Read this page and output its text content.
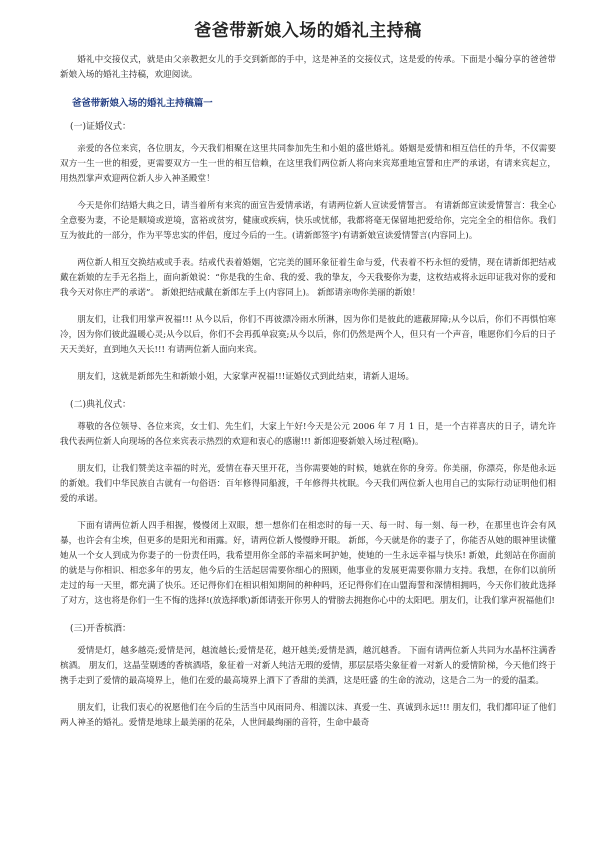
爸爸带新娘入场的婚礼主持稿

婚礼中交接仪式，就是由父亲教把女儿的手交到新郎的手中，这是神圣的交接仪式，这是爱的传承。下面是小编分享的爸爸带新娘入场的婚礼主持稿，欢迎阅读。

爸爸带新娘入场的婚礼主持稿篇一
(一)证婚仪式：

亲爱的各位来宾，各位朋友，今天我们相聚在这里共同参加先生和小姐的盛世婚礼。婚姻是爱情和相互信任的升华，不仅需要双方一生一世的相爱，更需要双方一生一世的相互信赖，在这里我们两位新人将向来宾郑重地宣誓和庄严的承诺，有请来宾起立，用热烈掌声欢迎两位新人步入神圣殿堂！

今天是你们结婚大典之日，请当着所有来宾的面宣告爱情承诺，有请两位新人宣读爱情誓言。 有请新郎宣读爱情誓言：我全心全意娶为妻，不论是顺境或逆境，富裕或贫穷，健康或疾病，快乐或忧郁，我都将毫无保留地把爱给你，完完全全的相信你。我们互为彼此的一部分，作为平等忠实的伴侣，度过今后的一生。(请新郎签字)有请新娘宣读爱情誓言(内容同上)。

两位新人相互交换结戒或手表。结戒代表着婚姻，它完美的圆环象征着生命与爱，代表着不朽永恒的爱情，现在请新郎把结戒戴在新娘的左手无名指上，面向新娘说：“你是我的生命、我的爱、我的挚友，今天我娶你为妻，这枚结戒将永远印证我对你的爱和我今天对你庄严的承诺”。 新娘把结戒戴在新郎左手上(内容同上)。 新郎请亲吻你美丽的新娘！

朋友们，让我们用掌声祝福!!! 从今以后，你们不再彼漂冷雨水所淋，因为你们是彼此的遮蔽屏障;从今以后，你们不再惧怕寒冷，因为你们彼此温暖心灵;从今以后，你们不会再孤单寂寞;从今以后，你们仍然是两个人，但只有一个声音，唯愿你们今后的日子天天美好，直到地久天长!!! 有请两位新人面向来宾。

朋友们，这就是新郎先生和新娘小姐，大家掌声祝福!!!证婚仪式到此结束，请新人退场。

(二)典礼仪式：

尊敬的各位领导、各位来宾，女士们、先生们，大家上午好!今天是公元 2006 年 7 月 1 日，是一个吉祥喜庆的日子，请允许我代表两位新人向现场的各位来宾表示热烈的欢迎和衷心的感谢!!! 新郎迎娶新娘入场过程(略)。

朋友们，让我们赞美这幸福的时光，爱情在春天里开花，当你需要她的时候，她就在你的身旁。你美丽，你漂亮，你是他永远的新娘。我们中华民族自古就有一句俗语：百年修得同船渡，千年修得共枕眠。今天我们两位新人也用自己的实际行动证明他们相爱的承诺。

下面有请两位新人四手相握，慢慢闭上双眼，想一想你们在相恋时的每一天、每一时、每一刻、每一秒，在那里也许会有风暴，也许会有尘埃，但更多的是阳光和雨露。好，请两位新人慢慢睁开眼。 新郎，今天就是你的妻子了，你能否从她的眼神里读懂她从一个女人到成为你妻子的一份责任吗，我希望用你全部的幸福来呵护她，使她的一生永远幸福与快乐! 新娘，此刻站在你面前的就是与你相识、相恋多年的男友，他今后的生活起居需要你细心的照顾，他事业的发展更需要你鼎力支持。我想，在你们以前所走过的每一天里，都充满了快乐。还记得你们在相识相知期间的种种吗，还记得你们在山盟海誓和深情相拥吗，今天你们彼此选择了对方，这也将是你们一生不悔的选择!(放选择歌)新郎请张开你男人的臂膀去拥抱你心中的太阳吧。朋友们，让我们掌声祝福他们!

(三)开香槟酒：

爱情是灯，越多越亮;爱情是河，越流越长;爱情是花，越开越美;爱情是酒，越沉越香。 下面有请两位新人共同为水晶杯注满香槟酒。 朋友们，这晶莹剔透的香槟酒塔，象征着一对新人纯洁无瑕的爱情，那层层塔尖象征着一对新人的爱情阶梯，今天他们终于携手走到了爱情的最高境界上，他们在爱的最高境界上酒下了香甜的美酒，这是旺盛 的生命的流动，这是合二为一的爱的温柔。

朋友们，让我们衷心的祝愿他们在今后的生活当中风雨同舟、相濡以沫、真爱一生、真诚到永远!!! 朋友们，我们都印证了他们两人神圣的婚礼。爱情是地球上最美丽的花朵，人世间最绚丽的音符，生命中最奇
